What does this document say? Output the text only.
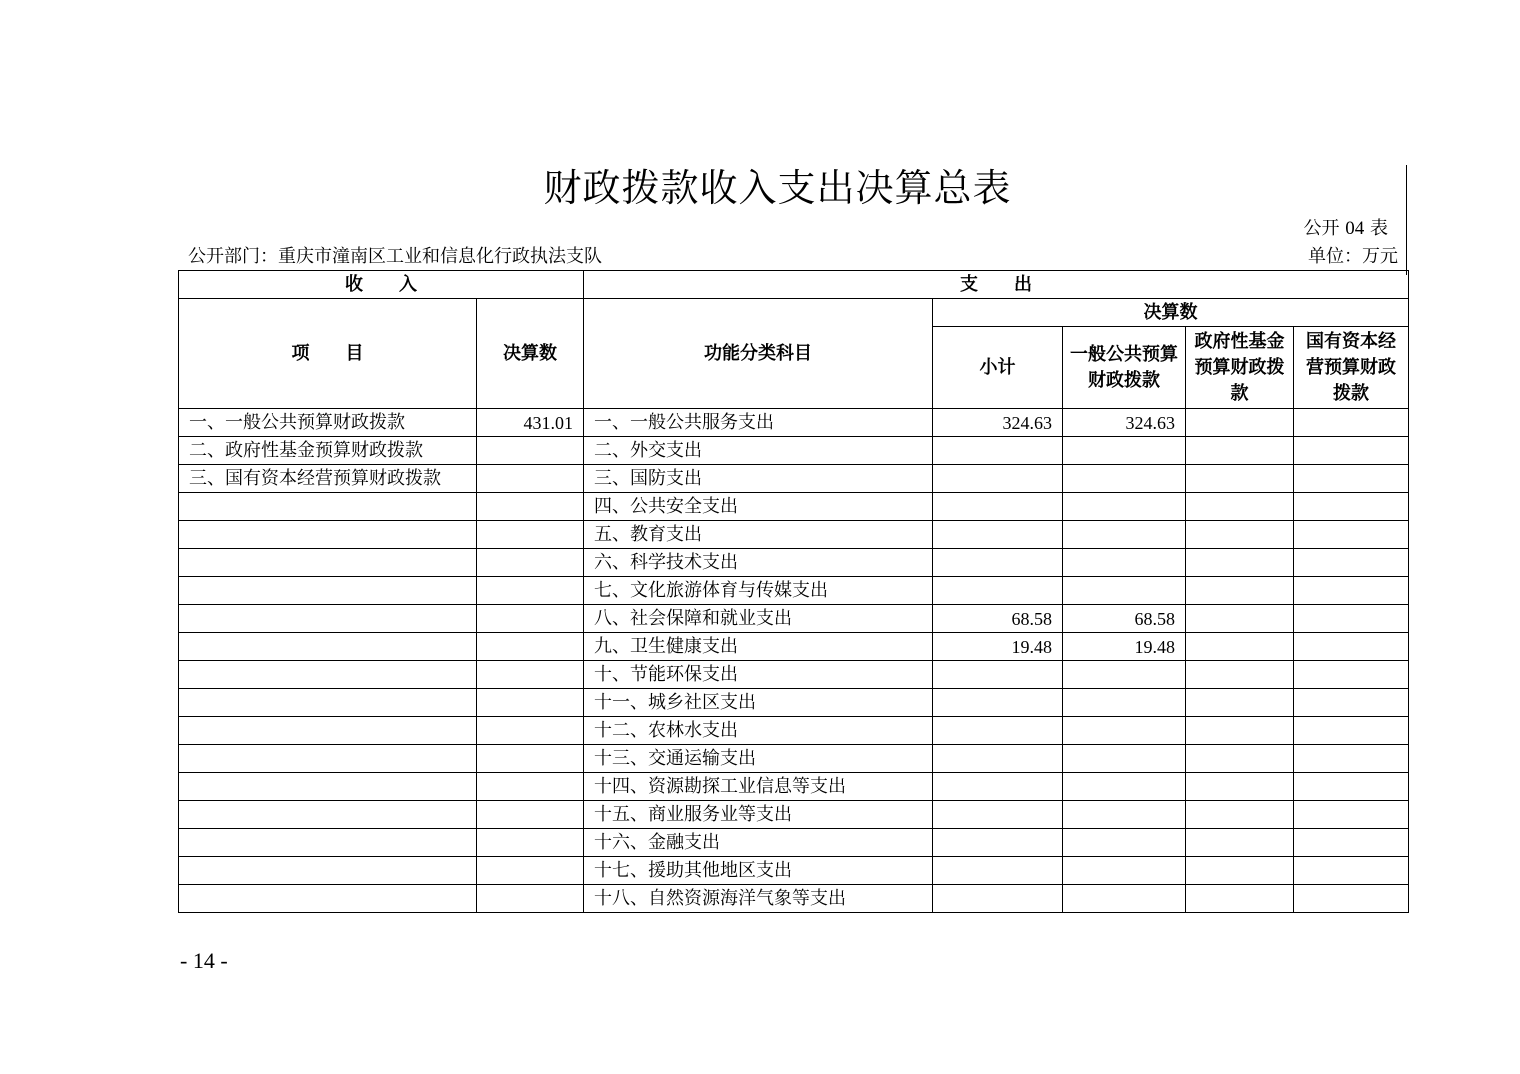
财政拨款收入支出决算总表
公开 04 表
公开部门：重庆市潼南区工业和信息化行政执法支队	单位：万元
收　　入		支　　出				
项　　目	决算数	功能分类科目	决算数			
			小计	一般公共预算财政拨款	政府性基金预算财政拨款	国有资本经营预算财政拨款
一、一般公共预算财政拨款	431.01	一、一般公共服务支出	324.63	324.63		
二、政府性基金预算财政拨款		二、外交支出				
三、国有资本经营预算财政拨款		三、国防支出				
		四、公共安全支出				
		五、教育支出				
		六、科学技术支出				
		七、文化旅游体育与传媒支出				
		八、社会保障和就业支出	68.58	68.58		
		九、卫生健康支出	19.48	19.48		
		十、节能环保支出				
		十一、城乡社区支出				
		十二、农林水支出				
		十三、交通运输支出				
		十四、资源勘探工业信息等支出				
		十五、商业服务业等支出				
		十六、金融支出				
		十七、援助其他地区支出				
		十八、自然资源海洋气象等支出				
- 14 -
